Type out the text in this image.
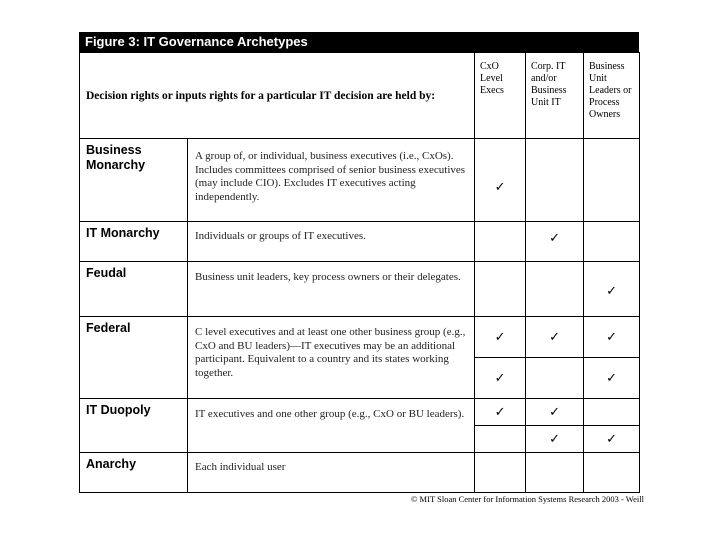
Figure 3: IT Governance Archetypes
Decision rights or inputs rights for a particular IT decision are held by:		CxO Level Execs	Corp. IT and/or Business Unit IT	Business Unit Leaders or Process Owners
Business Monarchy	A group of, or individual, business executives (i.e., CxOs). Includes committees comprised of senior business executives (may include CIO). Excludes IT executives acting independently.	✓		
IT Monarchy	Individuals or groups of IT executives.		✓	
Feudal	Business unit leaders, key process owners or their delegates.			✓
Federal	C level executives and at least one other business group (e.g., CxO and BU leaders)—IT executives may be an additional participant. Equivalent to a country and its states working together.	✓	✓	✓
		✓		✓
IT Duopoly	IT executives and one other group (e.g., CxO or BU leaders).	✓	✓	
			✓	✓
Anarchy	Each individual user			
© MIT Sloan Center for Information Systems Research 2003 - Weill
